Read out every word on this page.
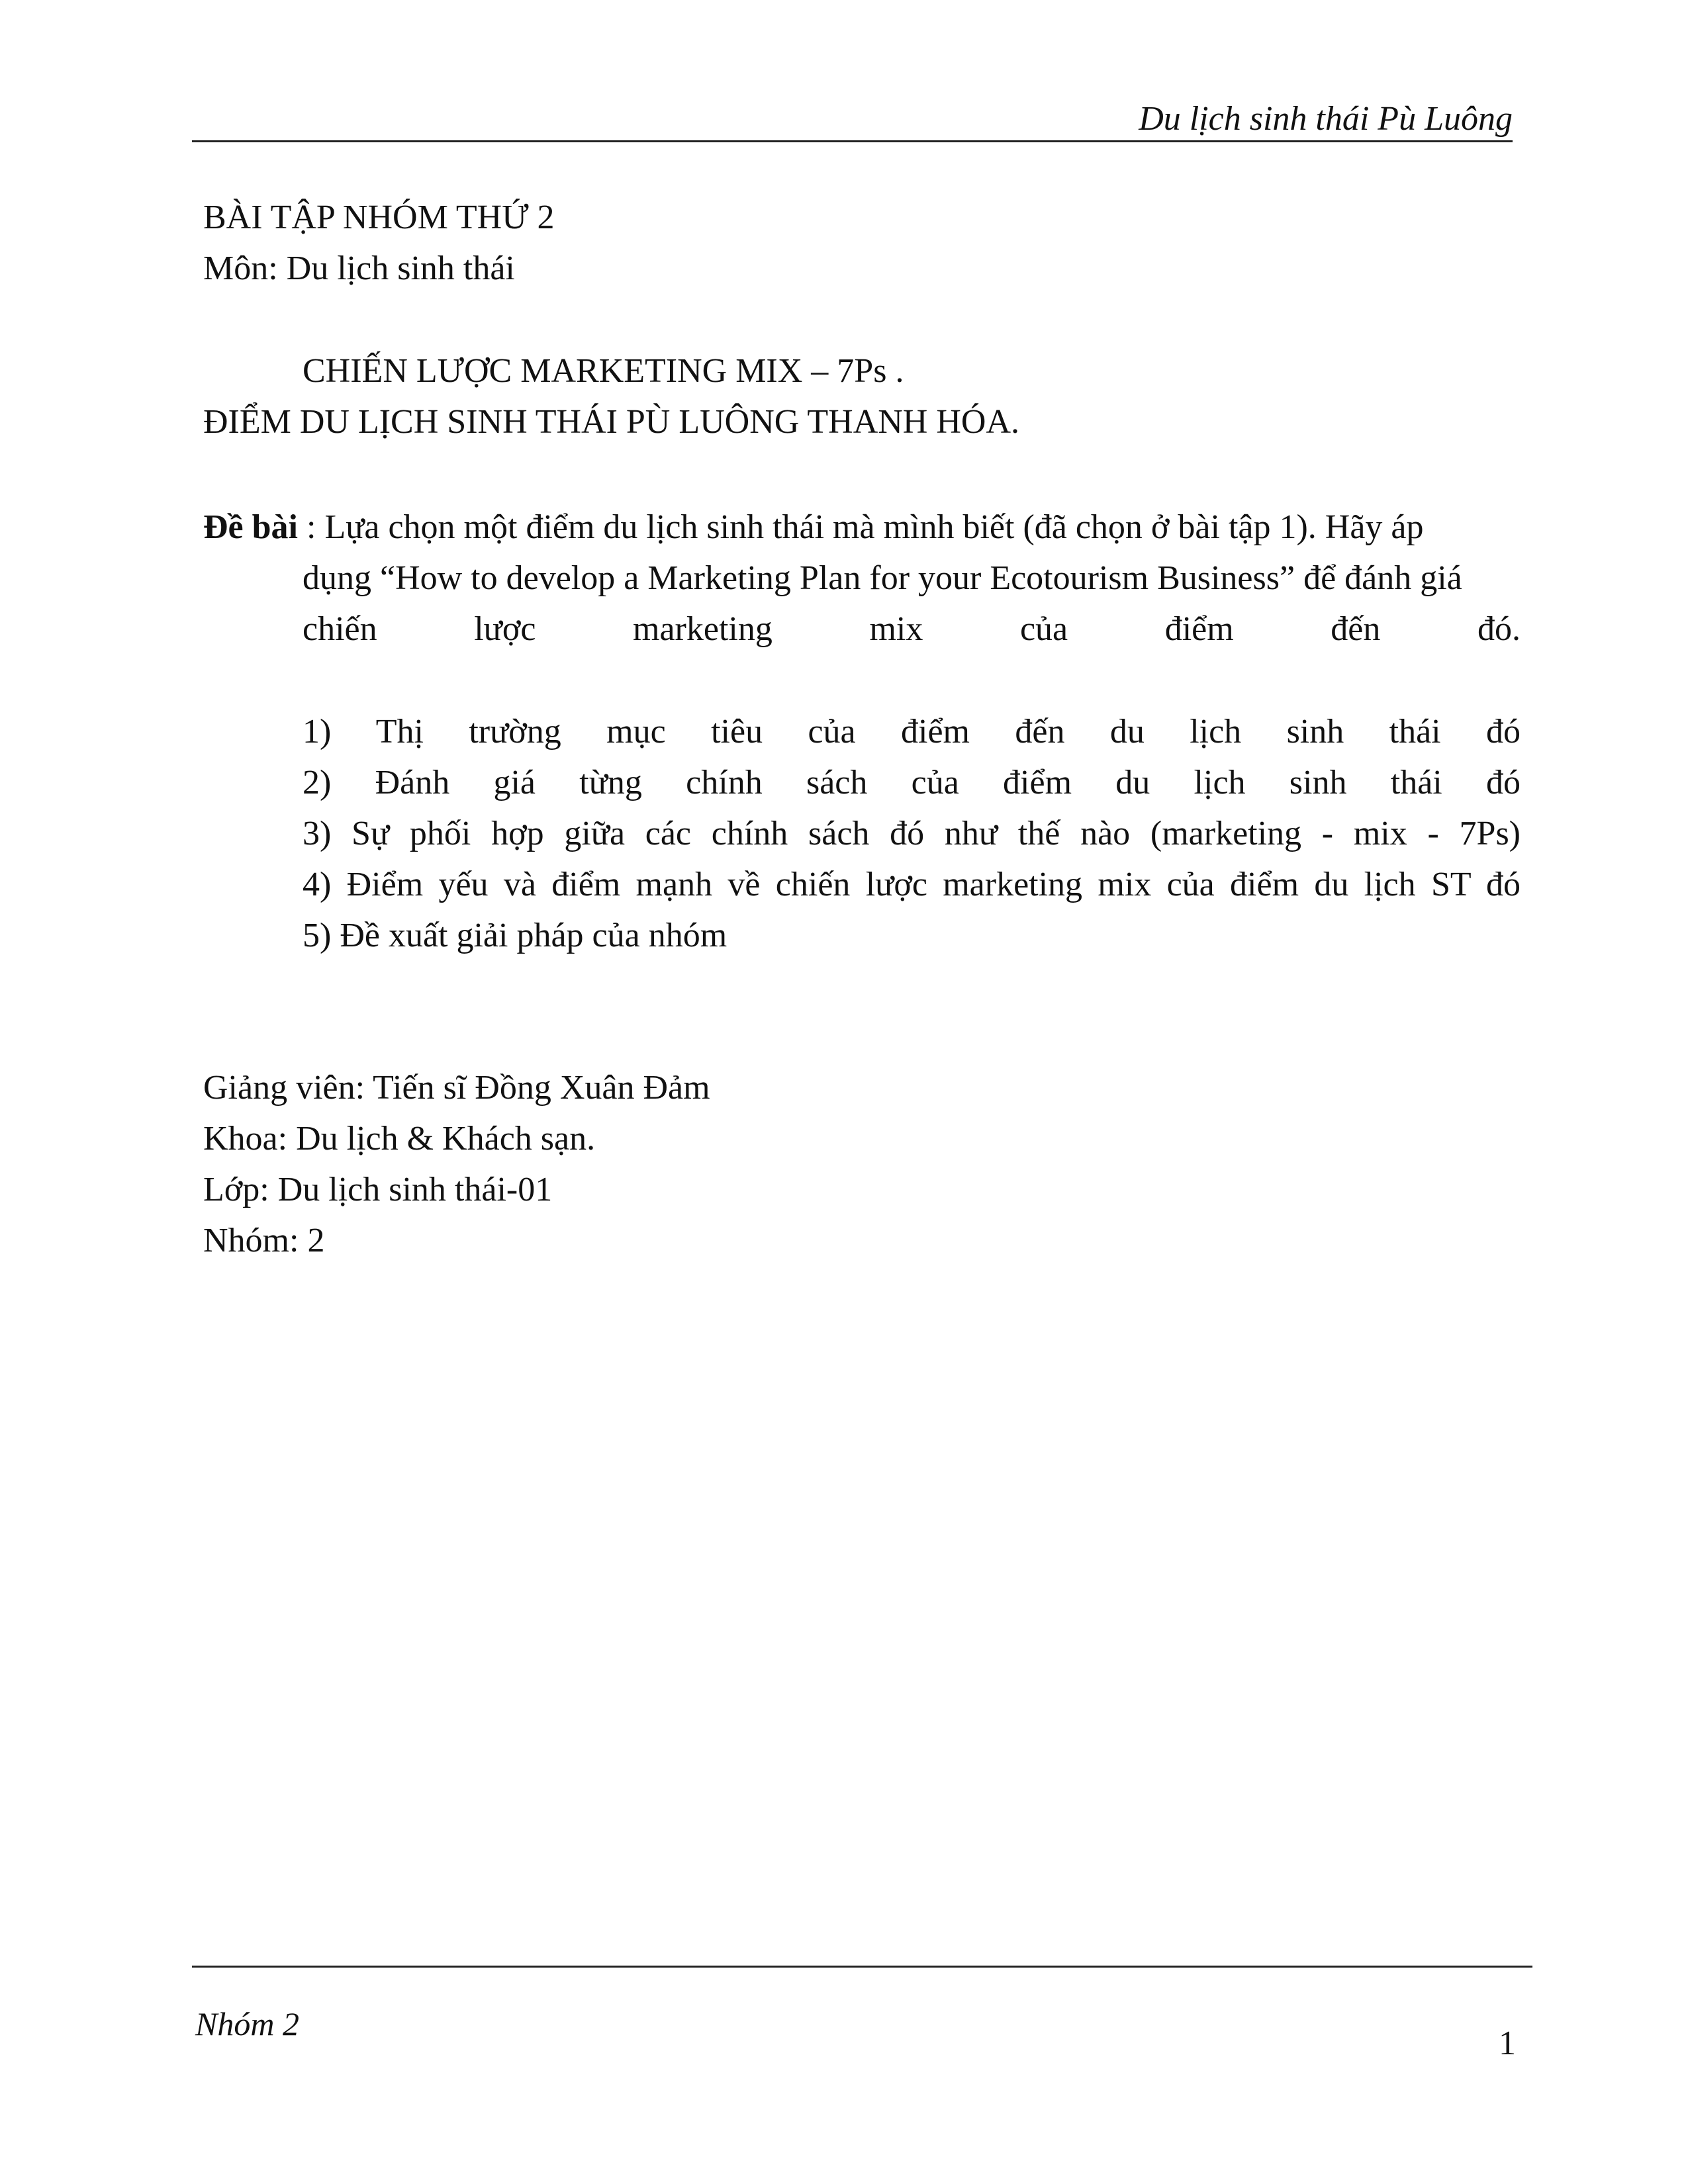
Du lịch sinh thái Pù Luông
BÀI TẬP NHÓM THỨ 2
Môn: Du lịch sinh thái
CHIẾN LƯỢC MARKETING MIX – 7Ps .
ĐIỂM DU LỊCH SINH THÁI PÙ LUÔNG THANH HÓA.
Đề bài : Lựa chọn một điểm du lịch sinh thái mà mình biết (đã chọn ở bài tập 1). Hãy áp
dụng “How to develop a Marketing Plan for your Ecotourism Business” để đánh giá
chiến lược marketing mix của điểm đến đó.
1) Thị trường mục tiêu của điểm đến du lịch sinh thái đó
2) Đánh giá từng chính sách của điểm du lịch sinh thái đó
3) Sự phối hợp giữa các chính sách đó như thế nào (marketing - mix - 7Ps)
4) Điểm yếu và điểm mạnh về chiến lược marketing mix của điểm du lịch ST đó
5) Đề xuất giải pháp của nhóm
Giảng viên: Tiến sĩ Đồng Xuân Đảm
Khoa: Du lịch & Khách sạn.
Lớp: Du lịch sinh thái-01
Nhóm: 2
Nhóm 2
1
